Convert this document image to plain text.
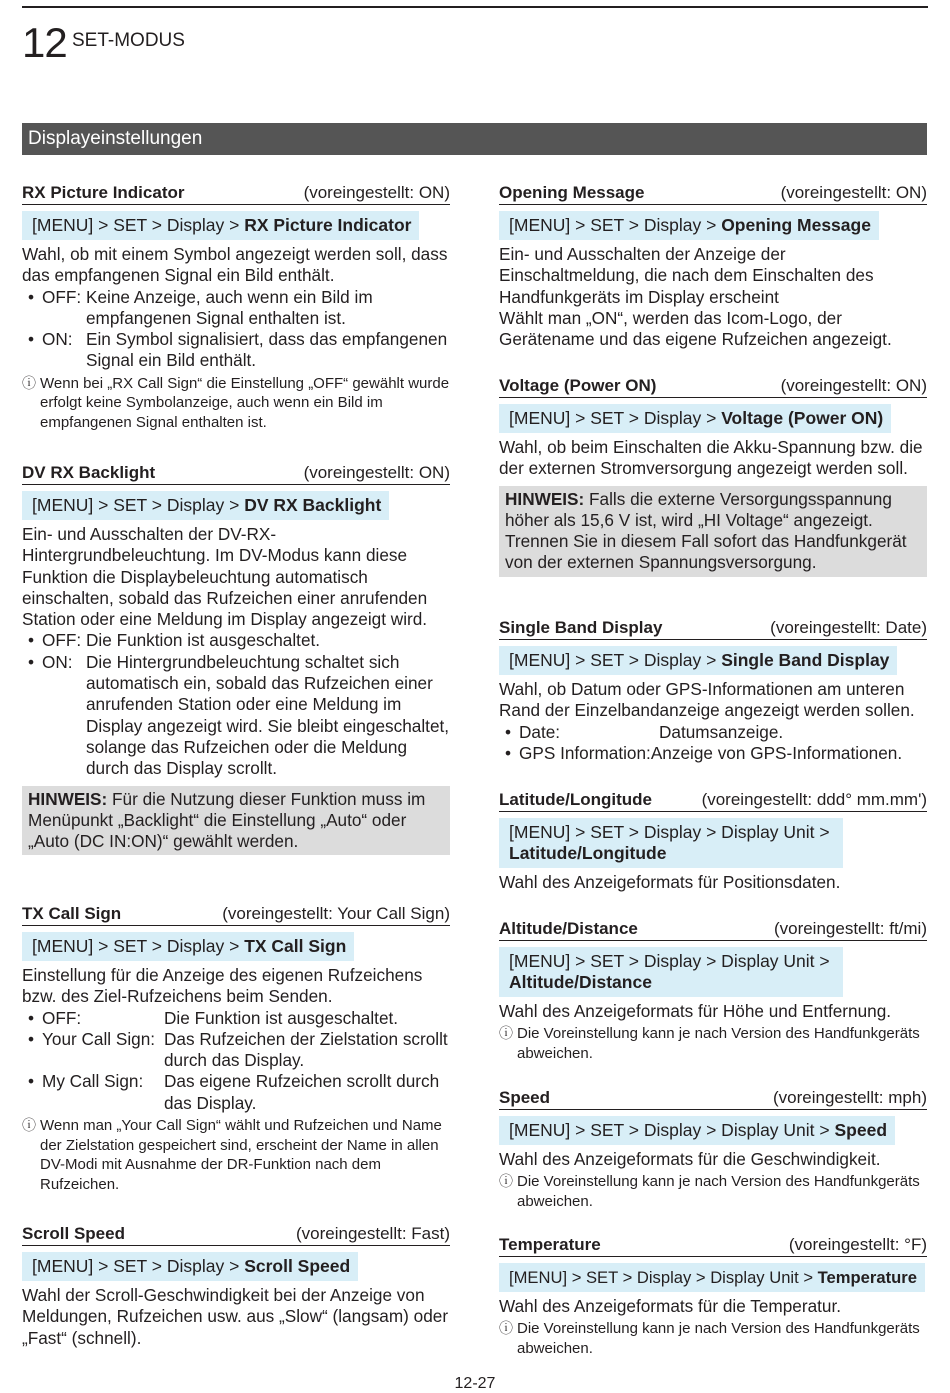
12 SET-MODUS
Displayeinstellungen
RX Picture Indicator	(voreingestellt: ON)
[MENU] > SET > Display > RX Picture Indicator
Wahl, ob mit einem Symbol angezeigt werden soll, dass das empfangenen Signal ein Bild enthält.
• OFF: Keine Anzeige, auch wenn ein Bild im empfangenen Signal enthalten ist.
• ON: Ein Symbol signalisiert, dass das empfangenen Signal ein Bild enthält.
ⓘ Wenn bei „RX Call Sign“ die Einstellung „OFF“ gewählt wurde erfolgt keine Symbolanzeige, auch wenn ein Bild im empfangenen Signal enthalten ist.
DV RX Backlight	(voreingestellt: ON)
[MENU] > SET > Display > DV RX Backlight
Ein- und Ausschalten der DV-RX-Hintergrundbeleuchtung. Im DV-Modus kann diese Funktion die Displaybeleuchtung automatisch einschalten, sobald das Rufzeichen einer anrufenden Station oder eine Meldung im Display angezeigt wird.
• OFF: Die Funktion ist ausgeschaltet.
• ON: Die Hintergrundbeleuchtung schaltet sich automatisch ein, sobald das Rufzeichen einer anrufenden Station oder eine Meldung im Display angezeigt wird. Sie bleibt eingeschaltet, solange das Rufzeichen oder die Meldung durch das Display scrollt.
HINWEIS: Für die Nutzung dieser Funktion muss im Menüpunkt „Backlight“ die Einstellung „Auto“ oder „Auto (DC IN:ON)“ gewählt werden.
TX Call Sign	(voreingestellt: Your Call Sign)
[MENU] > SET > Display > TX Call Sign
Einstellung für die Anzeige des eigenen Rufzeichens bzw. des Ziel-Rufzeichens beim Senden.
• OFF:	Die Funktion ist ausgeschaltet.
• Your Call Sign: Das Rufzeichen der Zielstation scrollt durch das Display.
• My Call Sign:	Das eigene Rufzeichen scrollt durch das Display.
ⓘ Wenn man „Your Call Sign“ wählt und Rufzeichen und Name der Zielstation gespeichert sind, erscheint der Name in allen DV-Modi mit Ausnahme der DR-Funktion nach dem Rufzeichen.
Scroll Speed	(voreingestellt: Fast)
[MENU] > SET > Display > Scroll Speed
Wahl der Scroll-Geschwindigkeit bei der Anzeige von Meldungen, Rufzeichen usw. aus „Slow“ (langsam) oder „Fast“ (schnell).
Opening Message	(voreingestellt: ON)
[MENU] > SET > Display > Opening Message
Ein- und Ausschalten der Anzeige der Einschaltmeldung, die nach dem Einschalten des Handfunkgeräts im Display erscheint
Wählt man „ON“, werden das Icom-Logo, der Gerätename und das eigene Rufzeichen angezeigt.
Voltage (Power ON)	(voreingestellt: ON)
[MENU] > SET > Display > Voltage (Power ON)
Wahl, ob beim Einschalten die Akku-Spannung bzw. die der externen Stromversorgung angezeigt werden soll.
HINWEIS: Falls die externe Versorgungsspannung höher als 15,6 V ist, wird „HI Voltage“ angezeigt. Trennen Sie in diesem Fall sofort das Handfunkgerät von der externen Spannungsversorgung.
Single Band Display	(voreingestellt: Date)
[MENU] > SET > Display > Single Band Display
Wahl, ob Datum oder GPS-Informationen am unteren Rand der Einzelbandanzeige angezeigt werden sollen.
• Date:	Datumsanzeige.
• GPS Information: Anzeige von GPS-Informationen.
Latitude/Longitude	(voreingestellt: ddd° mm.mm')
[MENU] > SET > Display > Display Unit > Latitude/Longitude
Wahl des Anzeigeformats für Positionsdaten.
Altitude/Distance	(voreingestellt: ft/mi)
[MENU] > SET > Display > Display Unit > Altitude/Distance
Wahl des Anzeigeformats für Höhe und Entfernung.
ⓘ Die Voreinstellung kann je nach Version des Handfunkgeräts abweichen.
Speed	(voreingestellt: mph)
[MENU] > SET > Display > Display Unit > Speed
Wahl des Anzeigeformats für die Geschwindigkeit.
ⓘ Die Voreinstellung kann je nach Version des Handfunkgeräts abweichen.
Temperature	(voreingestellt: °F)
[MENU] > SET > Display > Display Unit > Temperature
Wahl des Anzeigeformats für die Temperatur.
ⓘ Die Voreinstellung kann je nach Version des Handfunkgeräts abweichen.
12-27
